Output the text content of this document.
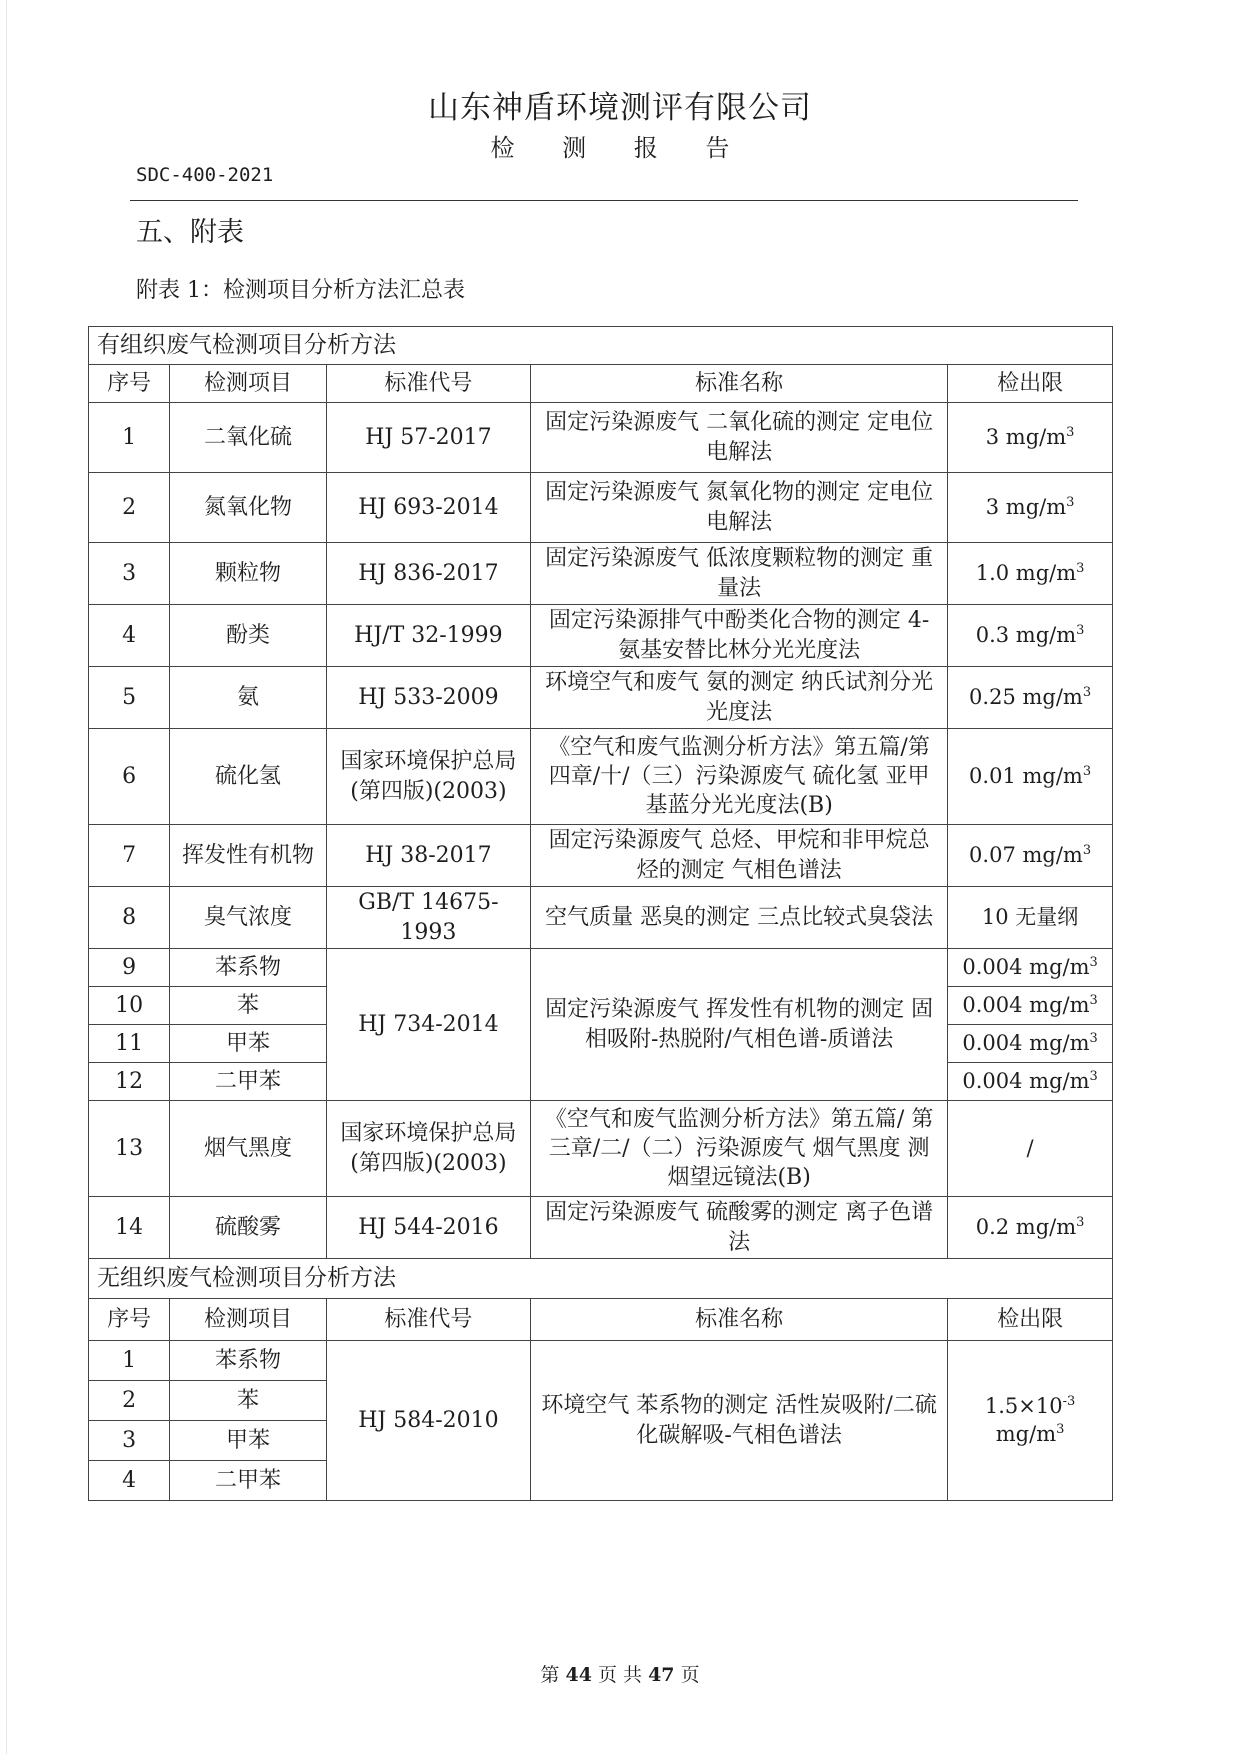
山东神盾环境测评有限公司
检 测 报 告
SDC-400-2021
五、附表
附表 1：检测项目分析方法汇总表
有组织废气检测项目分析方法				
序号	检测项目	标准代号	标准名称	检出限
1	二氧化硫	HJ 57-2017	固定污染源废气 二氧化硫的测定 定电位电解法	3 $mg/m^3$
2	氮氧化物	HJ 693-2014	固定污染源废气 氮氧化物的测定 定电位电解法	3 $mg/m^3$
3	颗粒物	HJ 836-2017	固定污染源废气 低浓度颗粒物的测定 重量法	1.0 $mg/m^3$
4	酚类	HJ/T 32-1999	固定污染源排气中酚类化合物的测定 4-氨基安替比林分光光度法	0.3 $mg/m^3$
5	氨	HJ 533-2009	环境空气和废气 氨的测定 纳氏试剂分光光度法	0.25 $mg/m^3$
6	硫化氢	国家环境保护总局 (第四版)(2003)	《空气和废气监测分析方法》第五篇/第四章/十/（三）污染源废气 硫化氢 亚甲基蓝分光光度法(B)	0.01 $mg/m^3$
7	挥发性有机物	HJ 38-2017	固定污染源废气 总烃、甲烷和非甲烷总烃的测定 气相色谱法	0.07 $mg/m^3$
8	臭气浓度	GB/T 14675-1993	空气质量 恶臭的测定 三点比较式臭袋法	10 无量纲
9	苯系物	HJ 734-2014	固定污染源废气 挥发性有机物的测定 固相吸附-热脱附/气相色谱-质谱法	0.004 $mg/m^3$
10	苯			0.004 $mg/m^3$
11	甲苯			0.004 $mg/m^3$
12	二甲苯			0.004 $mg/m^3$
13	烟气黑度	国家环境保护总局 (第四版)(2003)	《空气和废气监测分析方法》第五篇/ 第三章/二/（二）污染源废气 烟气黑度 测烟望远镜法(B)	/
14	硫酸雾	HJ 544-2016	固定污染源废气 硫酸雾的测定 离子色谱法	0.2 $mg/m^3$
无组织废气检测项目分析方法				
序号	检测项目	标准代号	标准名称	检出限
1	苯系物	HJ 584-2010	环境空气 苯系物的测定 活性炭吸附/二硫化碳解吸-气相色谱法	$1.5\times 10^{-3}$
$mg/m^3$
2	苯			
3	甲苯			
4	二甲苯			
第 44 页 共 47 页
